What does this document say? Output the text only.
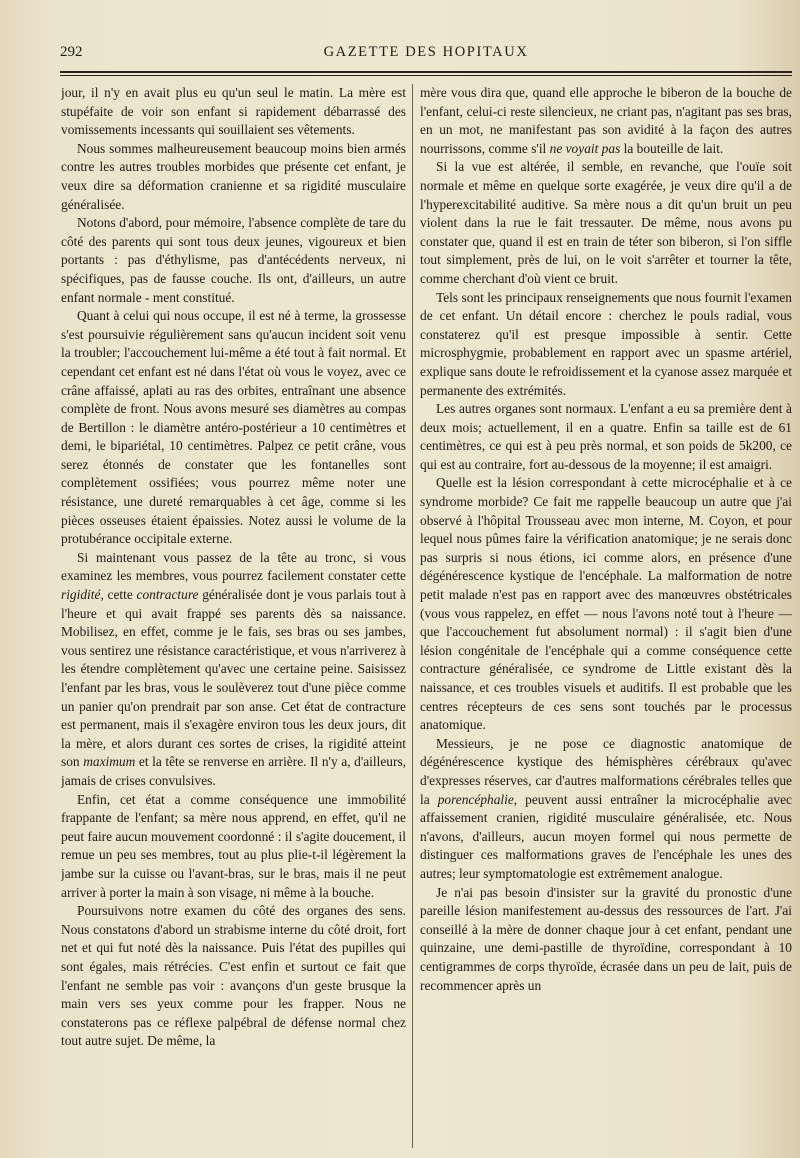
292	GAZETTE DES HOPITAUX

jour, il n'y en avait plus eu qu'un seul le matin. La mère est stupéfaite de voir son enfant si rapidement débarrassé des vomissements incessants qui souillaient ses vêtements.

Nous sommes malheureusement beaucoup moins bien armés contre les autres troubles morbides que présente cet enfant, je veux dire sa déformation cranienne et sa rigidité musculaire généralisée.

Notons d'abord, pour mémoire, l'absence complète de tare du côté des parents qui sont tous deux jeunes, vigoureux et bien portants : pas d'éthylisme, pas d'antécédents nerveux, ni spécifiques, pas de fausse couche. Ils ont, d'ailleurs, un autre enfant normale - ment constitué.

Quant à celui qui nous occupe, il est né à terme, la grossesse s'est poursuivie régulièrement sans qu'aucun incident soit venu la troubler; l'accouchement lui-même a été tout à fait normal. Et cependant cet enfant est né dans l'état où vous le voyez, avec ce crâne affaissé, aplati au ras des orbites, entraînant une absence complète de front. Nous avons mesuré ses diamètres au compas de Bertillon : le diamètre antéro-postérieur a 10 centimètres et demi, le bipariétal, 10 centimètres. Palpez ce petit crâne, vous serez étonnés de constater que les fontanelles sont complètement ossifiées; vous pourrez même noter une résistance, une dureté remarquables à cet âge, comme si les pièces osseuses étaient épaissies. Notez aussi le volume de la protubérance occipitale externe.

Si maintenant vous passez de la tête au tronc, si vous examinez les membres, vous pourrez facilement constater cette rigidité, cette contracture généralisée dont je vous parlais tout à l'heure et qui avait frappé ses parents dès sa naissance. Mobilisez, en effet, comme je le fais, ses bras ou ses jambes, vous sentirez une résistance caractéristique, et vous n'arriverez à les étendre complètement qu'avec une certaine peine. Saisissez l'enfant par les bras, vous le soulèverez tout d'une pièce comme un panier qu'on prendrait par son anse. Cet état de contracture est permanent, mais il s'exagère environ tous les deux jours, dit la mère, et alors durant ces sortes de crises, la rigidité atteint son maximum et la tête se renverse en arrière. Il n'y a, d'ailleurs, jamais de crises convulsives.

Enfin, cet état a comme conséquence une immobilité frappante de l'enfant; sa mère nous apprend, en effet, qu'il ne peut faire aucun mouvement coordonné : il s'agite doucement, il remue un peu ses membres, tout au plus plie-t-il légèrement la jambe sur la cuisse ou l'avant-bras, sur le bras, mais il ne peut arriver à porter la main à son visage, ni même à la bouche.

Poursuivons notre examen du côté des organes des sens. Nous constatons d'abord un strabisme interne du côté droit, fort net et qui fut noté dès la naissance. Puis l'état des pupilles qui sont égales, mais rétrécies. C'est enfin et surtout ce fait que l'enfant ne semble pas voir : avançons d'un geste brusque la main vers ses yeux comme pour les frapper. Nous ne constaterons pas ce réflexe palpébral de défense normal chez tout autre sujet. De même, la

mère vous dira que, quand elle approche le biberon de la bouche de l'enfant, celui-ci reste silencieux, ne criant pas, n'agitant pas ses bras, en un mot, ne manifestant pas son avidité à la façon des autres nourrissons, comme s'il ne voyait pas la bouteille de lait.

Si la vue est altérée, il semble, en revanche, que l'ouïe soit normale et même en quelque sorte exagérée, je veux dire qu'il a de l'hyperexcitabilité auditive. Sa mère nous a dit qu'un bruit un peu violent dans la rue le fait tressauter. De même, nous avons pu constater que, quand il est en train de téter son biberon, si l'on siffle tout simplement, près de lui, on le voit s'arrêter et tourner la tête, comme cherchant d'où vient ce bruit.

Tels sont les principaux renseignements que nous fournit l'examen de cet enfant. Un détail encore : cherchez le pouls radial, vous constaterez qu'il est presque impossible à sentir. Cette microsphygmie, probablement en rapport avec un spasme artériel, explique sans doute le refroidissement et la cyanose assez marquée et permanente des extrémités.

Les autres organes sont normaux. L'enfant a eu sa première dent à deux mois; actuellement, il en a quatre. Enfin sa taille est de 61 centimètres, ce qui est à peu près normal, et son poids de 5k200, ce qui est au contraire, fort au-dessous de la moyenne; il est amaigri.

Quelle est la lésion correspondant à cette microcéphalie et à ce syndrome morbide? Ce fait me rappelle beaucoup un autre que j'ai observé à l'hôpital Trousseau avec mon interne, M. Coyon, et pour lequel nous pûmes faire la vérification anatomique; je ne serais donc pas surpris si nous étions, ici comme alors, en présence d'une dégénérescence kystique de l'encéphale. La malformation de notre petit malade n'est pas en rapport avec des manœuvres obstétricales (vous vous rappelez, en effet — nous l'avons noté tout à l'heure — que l'accouchement fut absolument normal) : il s'agit bien d'une lésion congénitale de l'encéphale qui a comme conséquence cette contracture généralisée, ce syndrome de Little existant dès la naissance, et ces troubles visuels et auditifs. Il est probable que les centres récepteurs de ces sens sont touchés par le processus anatomique.

Messieurs, je ne pose ce diagnostic anatomique de dégénérescence kystique des hémisphères cérébraux qu'avec d'expresses réserves, car d'autres malformations cérébrales telles que la porencéphalie, peuvent aussi entraîner la microcéphalie avec affaissement cranien, rigidité musculaire généralisée, etc. Nous n'avons, d'ailleurs, aucun moyen formel qui nous permette de distinguer ces malformations graves de l'encéphale les unes des autres; leur symptomatologie est extrêmement analogue.

Je n'ai pas besoin d'insister sur la gravité du pronostic d'une pareille lésion manifestement au-dessus des ressources de l'art. J'ai conseillé à la mère de donner chaque jour à cet enfant, pendant une quinzaine, une demi-pastille de thyroïdine, correspondant à 10 centigrammes de corps thyroïde, écrasée dans un peu de lait, puis de recommencer après un
